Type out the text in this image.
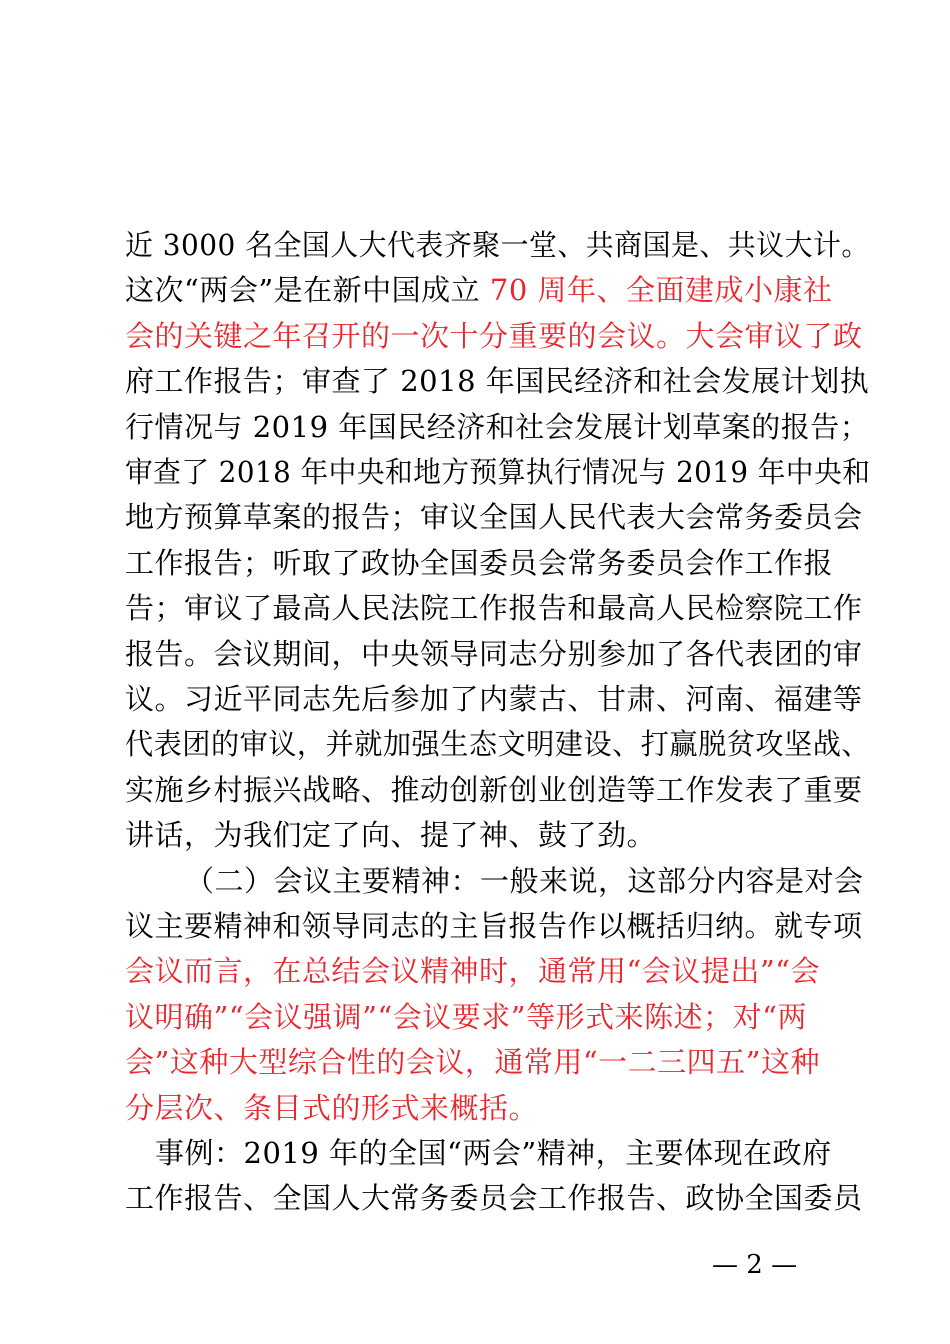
近 3000 名全国人大代表齐聚一堂、共商国是、共议大计。
这次“两会”是在新中国成立 70 周年、全面建成小康社
会的关键之年召开的一次十分重要的会议。大会审议了政
府工作报告；审查了 2018 年国民经济和社会发展计划执
行情况与 2019 年国民经济和社会发展计划草案的报告；
审查了 2018 年中央和地方预算执行情况与 2019 年中央和
地方预算草案的报告；审议全国人民代表大会常务委员会
工作报告；听取了政协全国委员会常务委员会作工作报
告；审议了最高人民法院工作报告和最高人民检察院工作
报告。会议期间，中央领导同志分别参加了各代表团的审
议。习近平同志先后参加了内蒙古、甘肃、河南、福建等
代表团的审议，并就加强生态文明建设、打赢脱贫攻坚战、
实施乡村振兴战略、推动创新创业创造等工作发表了重要
讲话，为我们定了向、提了神、鼓了劲。
（二）会议主要精神：一般来说，这部分内容是对会
议主要精神和领导同志的主旨报告作以概括归纳。就专项
会议而言，在总结会议精神时，通常用“会议提出”“会
议明确”“会议强调”“会议要求”等形式来陈述；对“两
会”这种大型综合性的会议，通常用“一二三四五”这种
分层次、条目式的形式来概括。
事例：2019 年的全国“两会”精神，主要体现在政府
工作报告、全国人大常务委员会工作报告、政协全国委员
— 2 —
